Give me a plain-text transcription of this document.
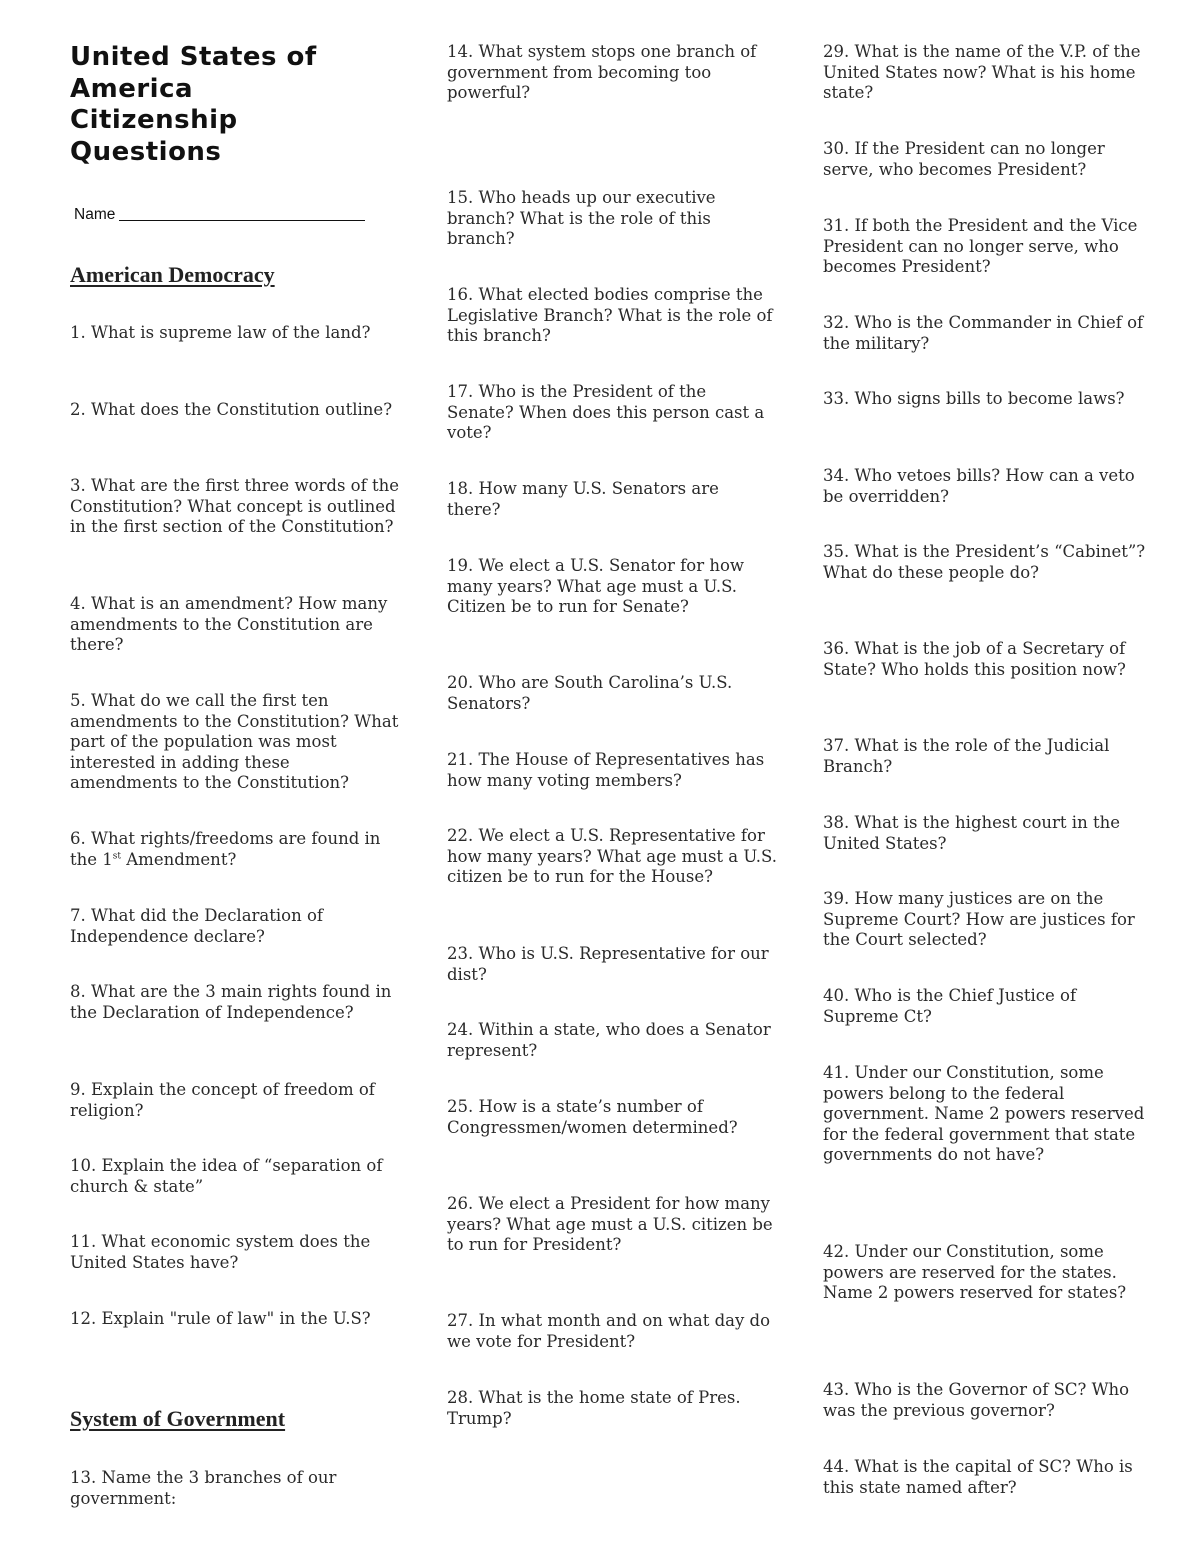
United States of
America
Citizenship
Questions
Name
American Democracy
System of Government

1. What is supreme law of the land?

2. What does the Constitution outline?

3. What are the first three words of the Constitution? What concept is outlined in the first section of the Constitution?

4. What is an amendment? How many amendments to the Constitution are there?

5. What do we call the first ten amendments to the Constitution? What part of the population was most interested in adding these amendments to the Constitution?

6. What rights/freedoms are found in the 1st Amendment?

7. What did the Declaration of Independence declare?

8. What are the 3 main rights found in the Declaration of Independence?

9. Explain the concept of freedom of religion?

10. Explain the idea of “separation of church & state”

11. What economic system does the United States have?

12. Explain "rule of law" in the U.S?

13. Name the 3 branches of our government:

14. What system stops one branch of government from becoming too powerful?

15. Who heads up our executive branch? What is the role of this branch?

16. What elected bodies comprise the Legislative Branch? What is the role of this branch?

17. Who is the President of the Senate? When does this person cast a vote?

18. How many U.S. Senators are there?

19. We elect a U.S. Senator for how many years? What age must a U.S. Citizen be to run for Senate?

20. Who are South Carolina’s U.S. Senators?

21. The House of Representatives has how many voting members?

22. We elect a U.S. Representative for how many years? What age must a U.S. citizen be to run for the House?

23. Who is U.S. Representative for our dist?

24. Within a state, who does a Senator represent?

25. How is a state’s number of Congressmen/women determined?

26. We elect a President for how many years? What age must a U.S. citizen be to run for President?

27. In what month and on what day do we vote for President?

28. What is the home state of Pres. Trump?

29. What is the name of the V.P. of the United States now? What is his home state?

30. If the President can no longer serve, who becomes President?

31. If both the President and the Vice President can no longer serve, who becomes President?

32. Who is the Commander in Chief of the military?

33. Who signs bills to become laws?

34. Who vetoes bills? How can a veto be overridden?

35. What is the President’s “Cabinet”? What do these people do?

36. What is the job of a Secretary of State? Who holds this position now?

37. What is the role of the Judicial Branch?

38. What is the highest court in the United States?

39. How many justices are on the Supreme Court? How are justices for the Court selected?

40. Who is the Chief Justice of Supreme Ct?

41. Under our Constitution, some powers belong to the federal government. Name 2 powers reserved for the federal government that state governments do not have?

42. Under our Constitution, some powers are reserved for the states. Name 2 powers reserved for states?

43. Who is the Governor of SC? Who was the previous governor?

44. What is the capital of SC? Who is this state named after?
